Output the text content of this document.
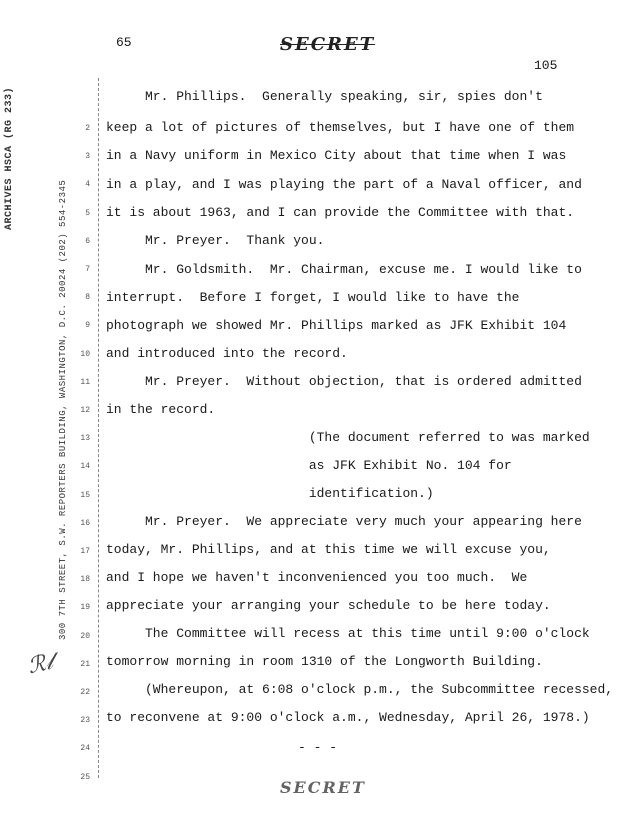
ARCHIVES HSCA (RG 233)
300 7TH STREET, S.W. REPORTERS BUILDING, WASHINGTON, D.C. 20024 (202) 554-2345
65	SECRET
105
2
3
4
5
6
7
8
9
10
11
12
13
14
15
16
17
18
19
20
21
22
23
24
25
Mr. Phillips.  Generally speaking, sir, spies don't
keep a lot of pictures of themselves, but I have one of them
in a Navy uniform in Mexico City about that time when I was
in a play, and I was playing the part of a Naval officer, and
it is about 1963, and I can provide the Committee with that.
Mr. Preyer.  Thank you.
Mr. Goldsmith.  Mr. Chairman, excuse me. I would like to
interrupt.  Before I forget, I would like to have the
photograph we showed Mr. Phillips marked as JFK Exhibit 104
and introduced into the record.
Mr. Preyer.  Without objection, that is ordered admitted
in the record.
(The document referred to was marked
as JFK Exhibit No. 104 for
identification.)
Mr. Preyer.  We appreciate very much your appearing here
today, Mr. Phillips, and at this time we will excuse you,
and I hope we haven't inconvenienced you too much.  We
appreciate your arranging your schedule to be here today.
The Committee will recess at this time until 9:00 o'clock
tomorrow morning in room 1310 of the Longworth Building.
(Whereupon, at 6:08 o'clock p.m., the Subcommittee recessed,
to reconvene at 9:00 o'clock a.m., Wednesday, April 26, 1978.)
- - -
ℛ𝓁
SECRET
